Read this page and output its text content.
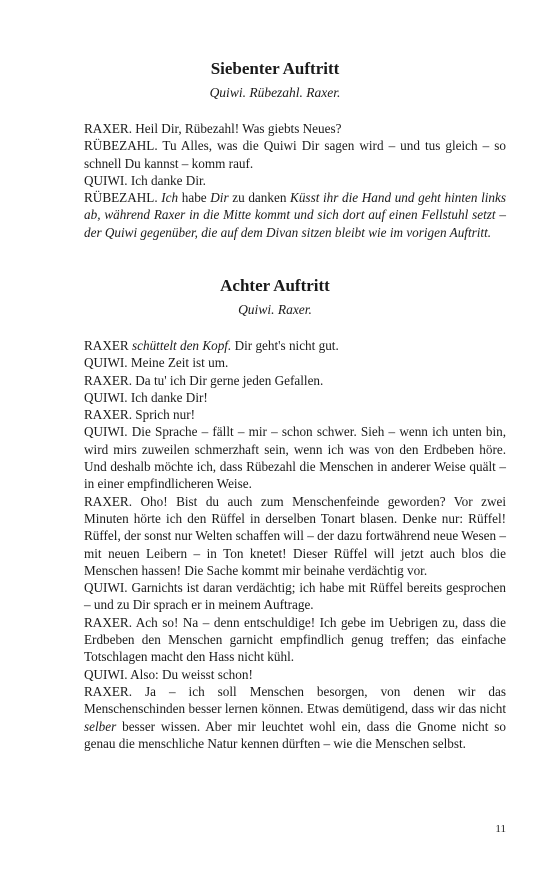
Siebenter Auftritt
Quiwi. Rübezahl. Raxer.

RAXER. Heil Dir, Rübezahl! Was giebts Neues?

RÜBEZAHL. Tu Alles, was die Quiwi Dir sagen wird – und tus gleich – so schnell Du kannst – komm rauf.

QUIWI. Ich danke Dir.

RÜBEZAHL. Ich habe Dir zu danken Küsst ihr die Hand und geht hinten links ab, während Raxer in die Mitte kommt und sich dort auf einen Fellstuhl setzt – der Quiwi gegenüber, die auf dem Divan sitzen bleibt wie im vorigen Auftritt.

Achter Auftritt
Quiwi. Raxer.

RAXER schüttelt den Kopf. Dir geht's nicht gut.

QUIWI. Meine Zeit ist um.

RAXER. Da tu' ich Dir gerne jeden Gefallen.

QUIWI. Ich danke Dir!

RAXER. Sprich nur!

QUIWI. Die Sprache – fällt – mir – schon schwer. Sieh – wenn ich unten bin, wird mirs zuweilen schmerzhaft sein, wenn ich was von den Erdbeben höre. Und deshalb möchte ich, dass Rübezahl die Menschen in anderer Weise quält – in einer empfindlicheren Weise.

RAXER. Oho! Bist du auch zum Menschenfeinde geworden? Vor zwei Minuten hörte ich den Rüffel in derselben Tonart blasen. Denke nur: Rüffel! Rüffel, der sonst nur Welten schaffen will – der dazu fortwährend neue Wesen – mit neuen Leibern – in Ton knetet! Dieser Rüffel will jetzt auch blos die Menschen hassen! Die Sache kommt mir beinahe verdächtig vor.

QUIWI. Garnichts ist daran verdächtig; ich habe mit Rüffel bereits gesprochen – und zu Dir sprach er in meinem Auftrage.

RAXER. Ach so! Na – denn entschuldige! Ich gebe im Uebrigen zu, dass die Erdbeben den Menschen garnicht empfindlich genug treffen; das einfache Totschlagen macht den Hass nicht kühl.

QUIWI. Also: Du weisst schon!

RAXER. Ja – ich soll Menschen besorgen, von denen wir das Menschenschinden besser lernen können. Etwas demütigend, dass wir das nicht selber besser wissen. Aber mir leuchtet wohl ein, dass die Gnome nicht so genau die menschliche Natur kennen dürften – wie die Menschen selbst.

11
